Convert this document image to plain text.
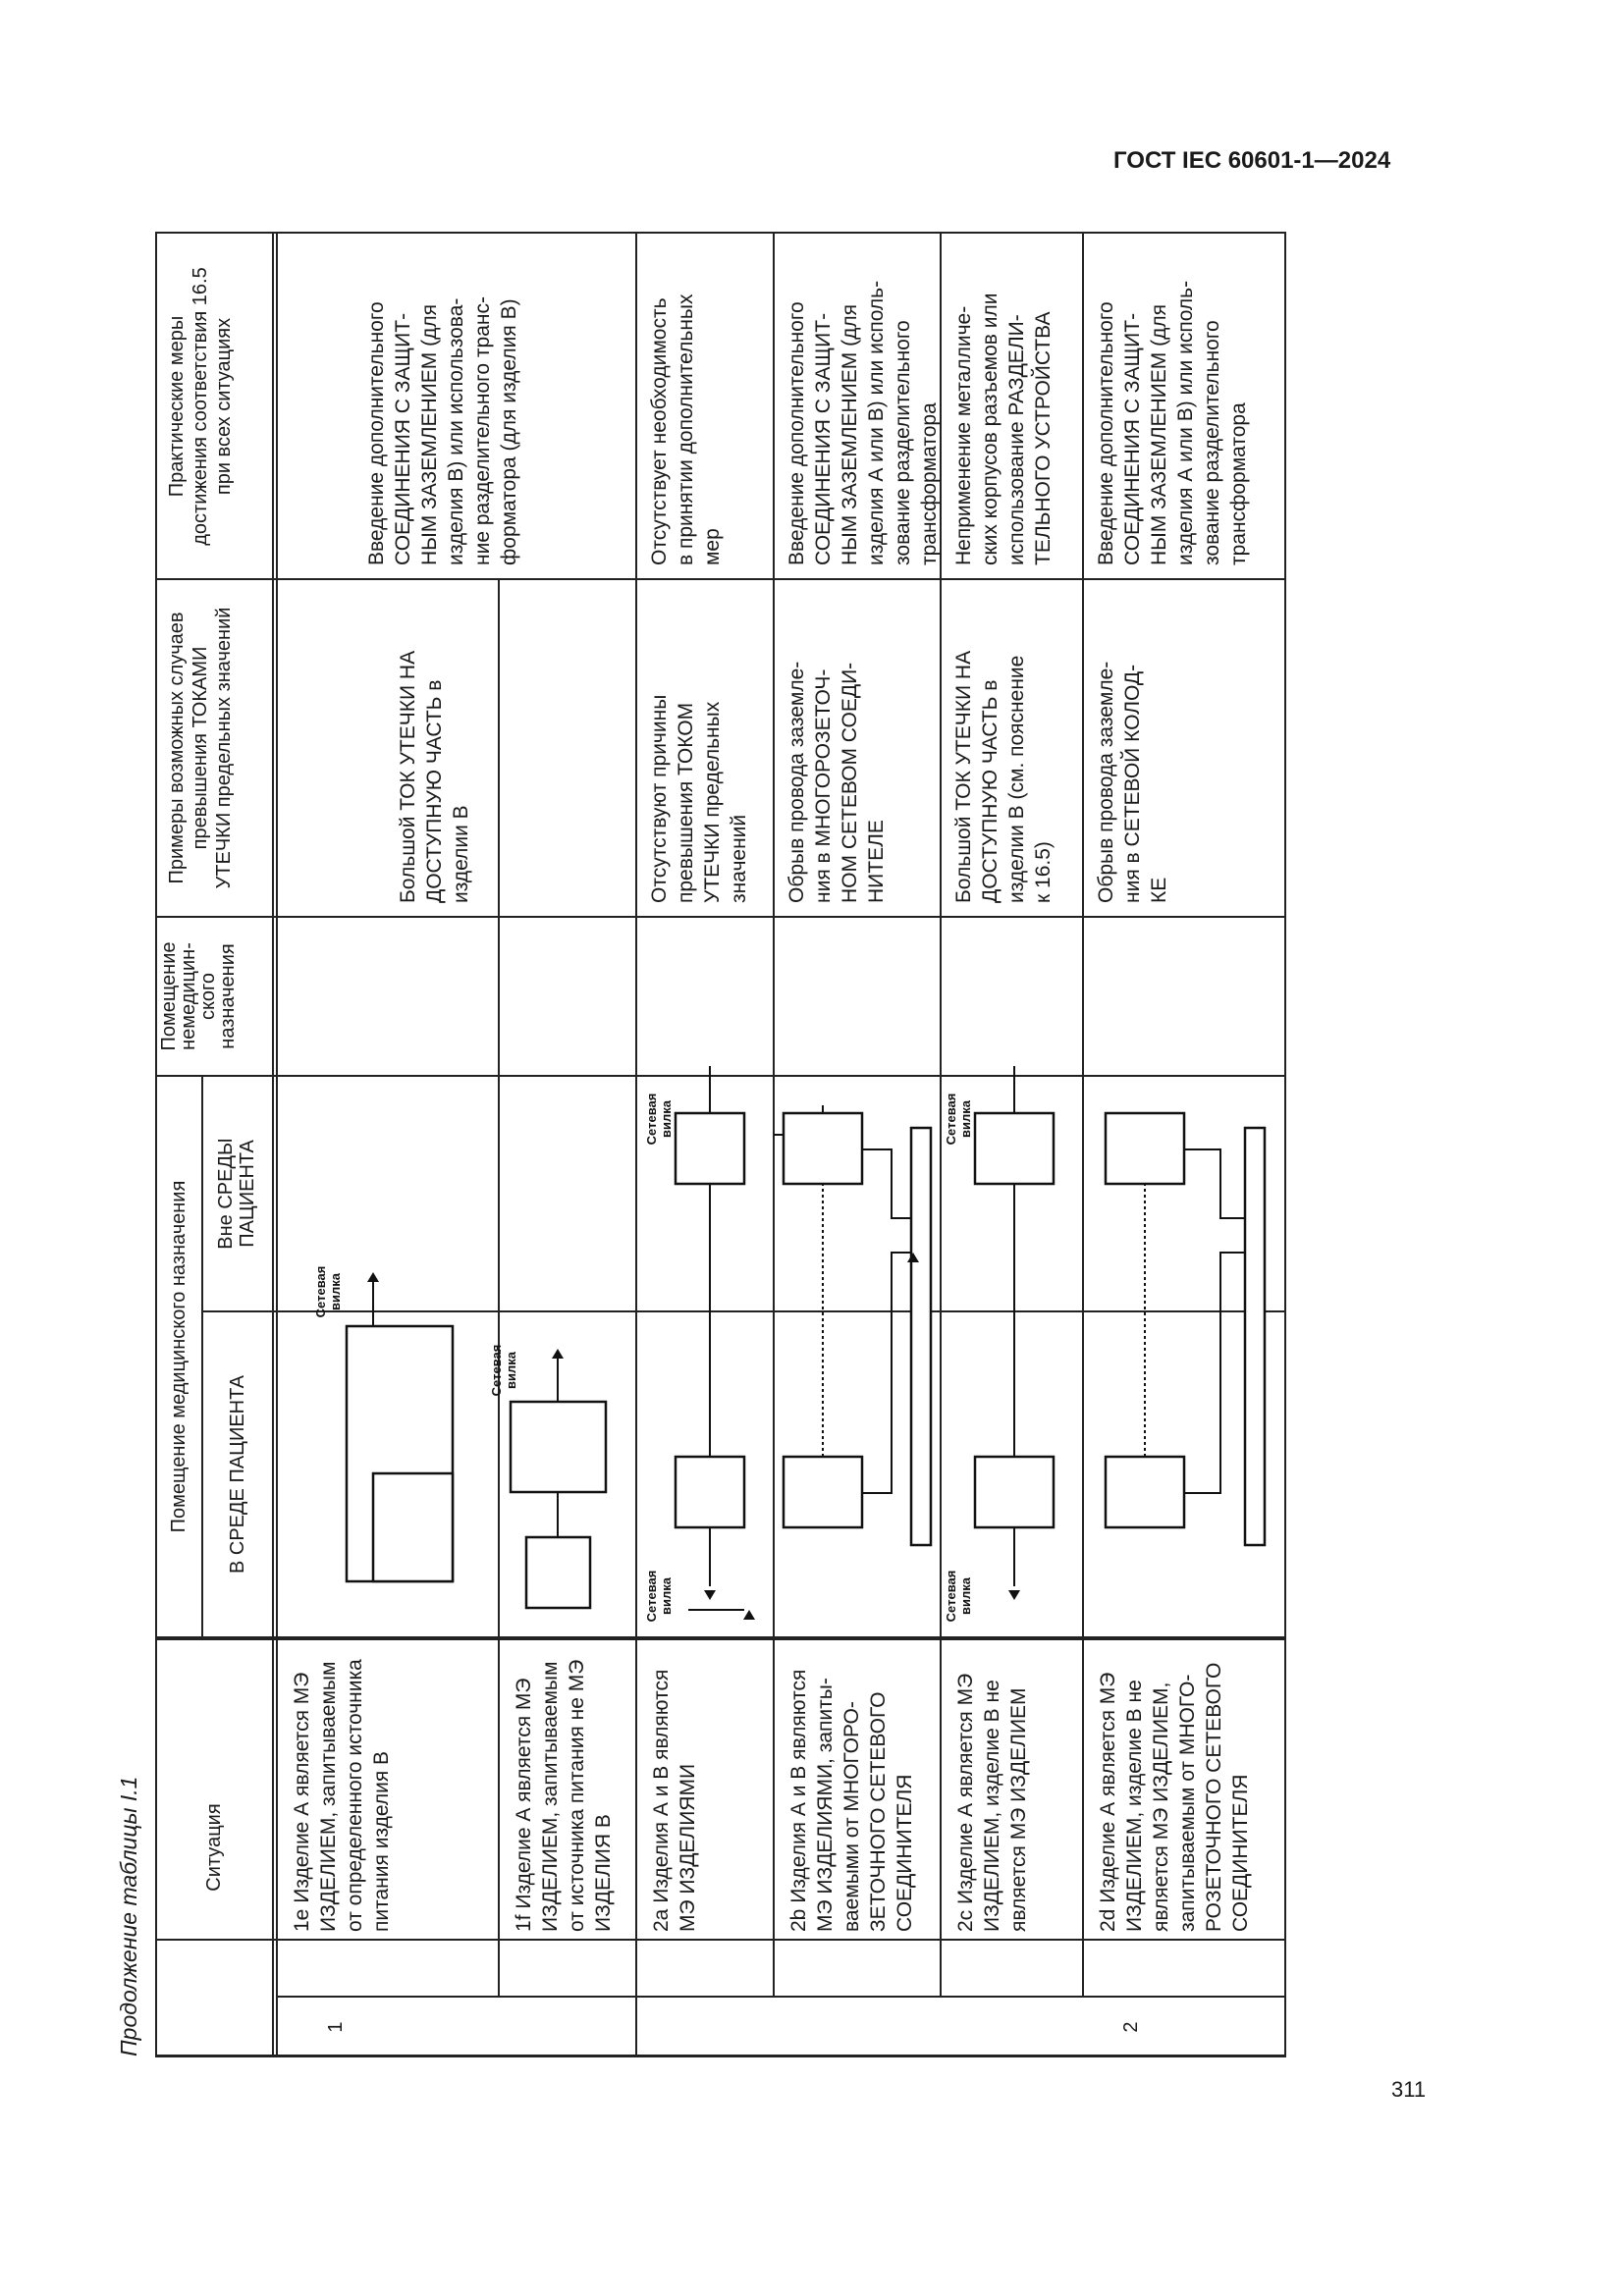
ГОСТ IEC 60601-1—2024
Продолжение таблицы I.1
311
Ситуация
Помещение медицинского назначения В СРЕДЕ ПАЦИЕНТА
Вне СРЕДЫПАЦИЕНТА
Помещениенемедицин-скогоназначения
Примеры возможных случаев превышения ТОКАМИ УТЕЧКИ предельных значений
Практические меры достижения соответствия 16.5 при всех ситуациях
1	2
1e Изделие А является МЭ ИЗДЕЛИЕМ, запитываемым от определенного источника питания изделия В	1f Изделие А является МЭ ИЗДЕЛИЕМ, запитываемым от источника питания не МЭ ИЗДЕЛИЯ В 2a Изделия А и В являются МЭ ИЗДЕЛИЯМИ
Отсутствуют причины превышения ТОКОМ УТЕЧКИ предельных значений
Отсутствует необходимость в принятии дополнительных мер
2b Изделия А и В являются МЭ ИЗДЕЛИЯМИ, запиты- ваемыми от МНОГОРО- ЗЕТОЧНОГО СЕТЕВОГО СОЕДИНИТЕЛЯ
Обрыв провода заземле- ния в МНОГОРОЗЕТОЧ- НОМ СЕТЕВОМ СОЕДИ- НИТЕЛЕ
Введение дополнительного СОЕДИНЕНИЯ С ЗАЩИТ- НЫМ ЗАЗЕМЛЕНИЕМ (для изделия А или В) или исполь- зование разделительного трансформатора
2c Изделие А является МЭ ИЗДЕЛИЕМ, изделие В не является МЭ ИЗДЕЛИЕМ
Большой ТОК УТЕЧКИ НА ДОСТУПНУЮ ЧАСТЬ в изделии В (см. пояснение к 16.5)
Неприменение металличе- ских корпусов разъемов или использование РАЗДЕЛИ- ТЕЛЬНОГО УСТРОЙСТВА
2d Изделие А является МЭ ИЗДЕЛИЕМ, изделие В не является МЭ ИЗДЕЛИЕМ, запитываемым от МНОГО- РОЗЕТОЧНОГО СЕТЕВОГО СОЕДИНИТЕЛЯ
Обрыв провода заземле- ния в СЕТЕВОЙ КОЛОД- КЕ
Введение дополнительного СОЕДИНЕНИЯ С ЗАЩИТ- НЫМ ЗАЗЕМЛЕНИЕМ (для изделия А или В) или исполь- зование разделительного трансформатора
Большой ТОК УТЕЧКИ НА ДОСТУПНУЮ ЧАСТЬ в изделии В
Введение дополнительного СОЕДИНЕНИЯ С ЗАЩИТ- НЫМ ЗАЗЕМЛЕНИЕМ (для изделия В) или использова- ние разделительного транс- форматора (для изделия В)
Сетеваявилка
Сетеваявилка
Сетеваявилка
Сетеваявилка
Сетеваявилка
Сетеваявилка
